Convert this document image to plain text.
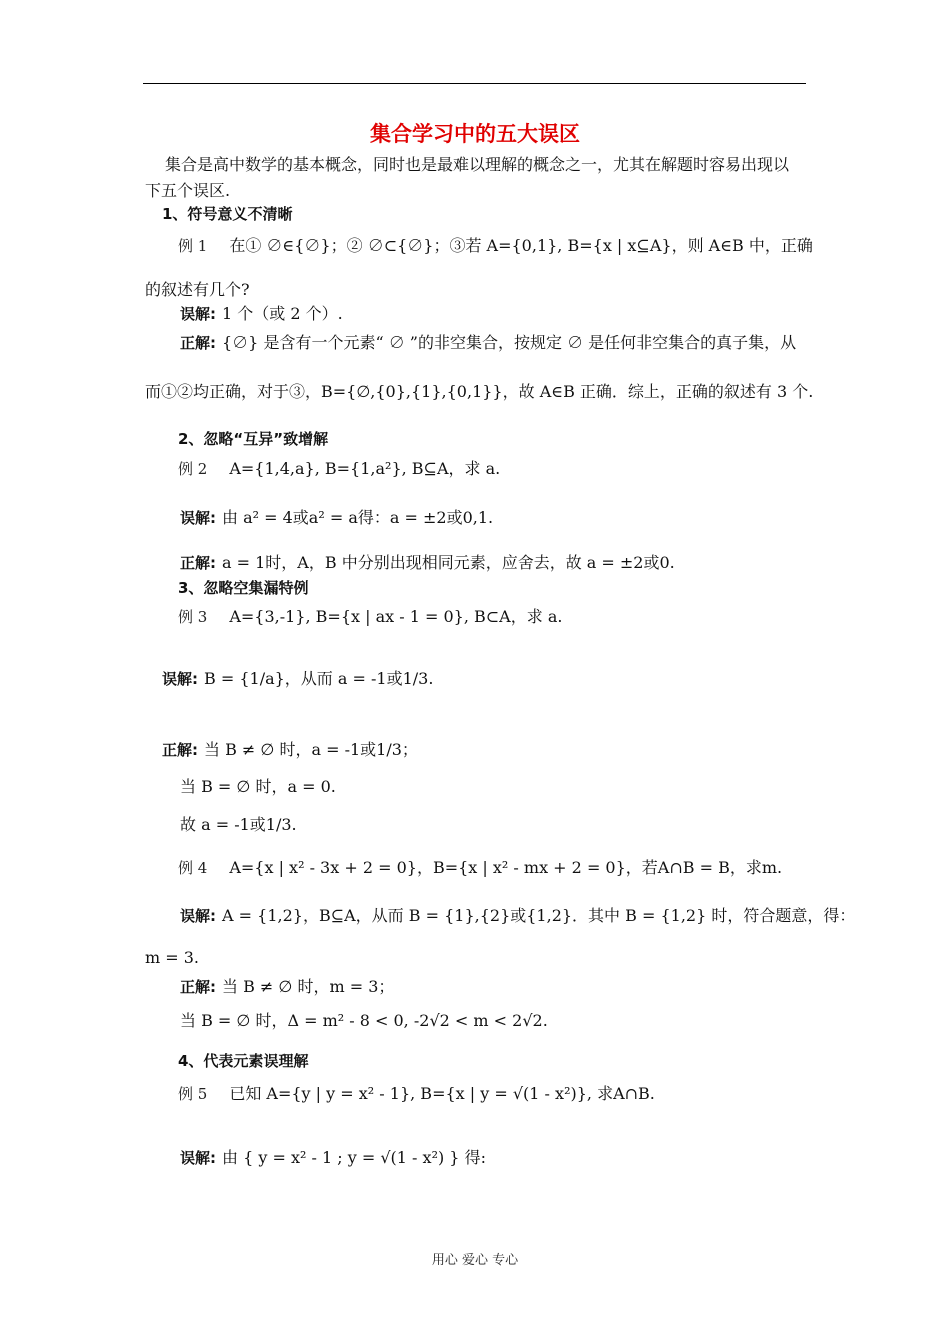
集合学习中的五大误区
集合是高中数学的基本概念，同时也是最难以理解的概念之一，尤其在解题时容易出现以
下五个误区.
1、符号意义不清晰
例 1 在① ∅∈{∅}；② ∅⊂{∅}；③若 A={0,1}, B={x | x⊆A}，则 A∈B 中，正确
的叙述有几个?
误解: 1 个（或 2 个）.
正解: {∅} 是含有一个元素“ ∅ ”的非空集合，按规定 ∅ 是任何非空集合的真子集，从
而①②均正确，对于③，B={∅,{0},{1},{0,1}}，故 A∈B 正确．综上，正确的叙述有 3 个.
2、忽略“互异”致增解
例 2 A={1,4,a}, B={1,a²}, B⊆A，求 a.
误解: 由 a² = 4或a² = a得：a = ±2或0,1.
正解: a = 1时，A，B 中分别出现相同元素，应舍去，故 a = ±2或0.
3、忽略空集漏特例
例 3 A={3,-1}, B={x | ax - 1 = 0}, B⊂A，求 a.
误解: B = {1/a}，从而 a = -1或1/3.
正解: 当 B ≠ ∅ 时，a = -1或1/3；
当 B = ∅ 时，a = 0.
故 a = -1或1/3.
例 4 A={x | x² - 3x + 2 = 0}，B={x | x² - mx + 2 = 0}，若A∩B = B，求m.
误解: A = {1,2}，B⊆A，从而 B = {1},{2}或{1,2}．其中 B = {1,2} 时，符合题意，得：
m = 3.
正解: 当 B ≠ ∅ 时，m = 3；
当 B = ∅ 时，Δ = m² - 8 < 0, -2√2 < m < 2√2.
4、代表元素误理解
例 5 已知 A={y | y = x² - 1}, B={x | y = √(1 - x²)}, 求A∩B.
误解: 由 { y = x² - 1 ; y = √(1 - x²) } 得:
用心 爱心 专心
